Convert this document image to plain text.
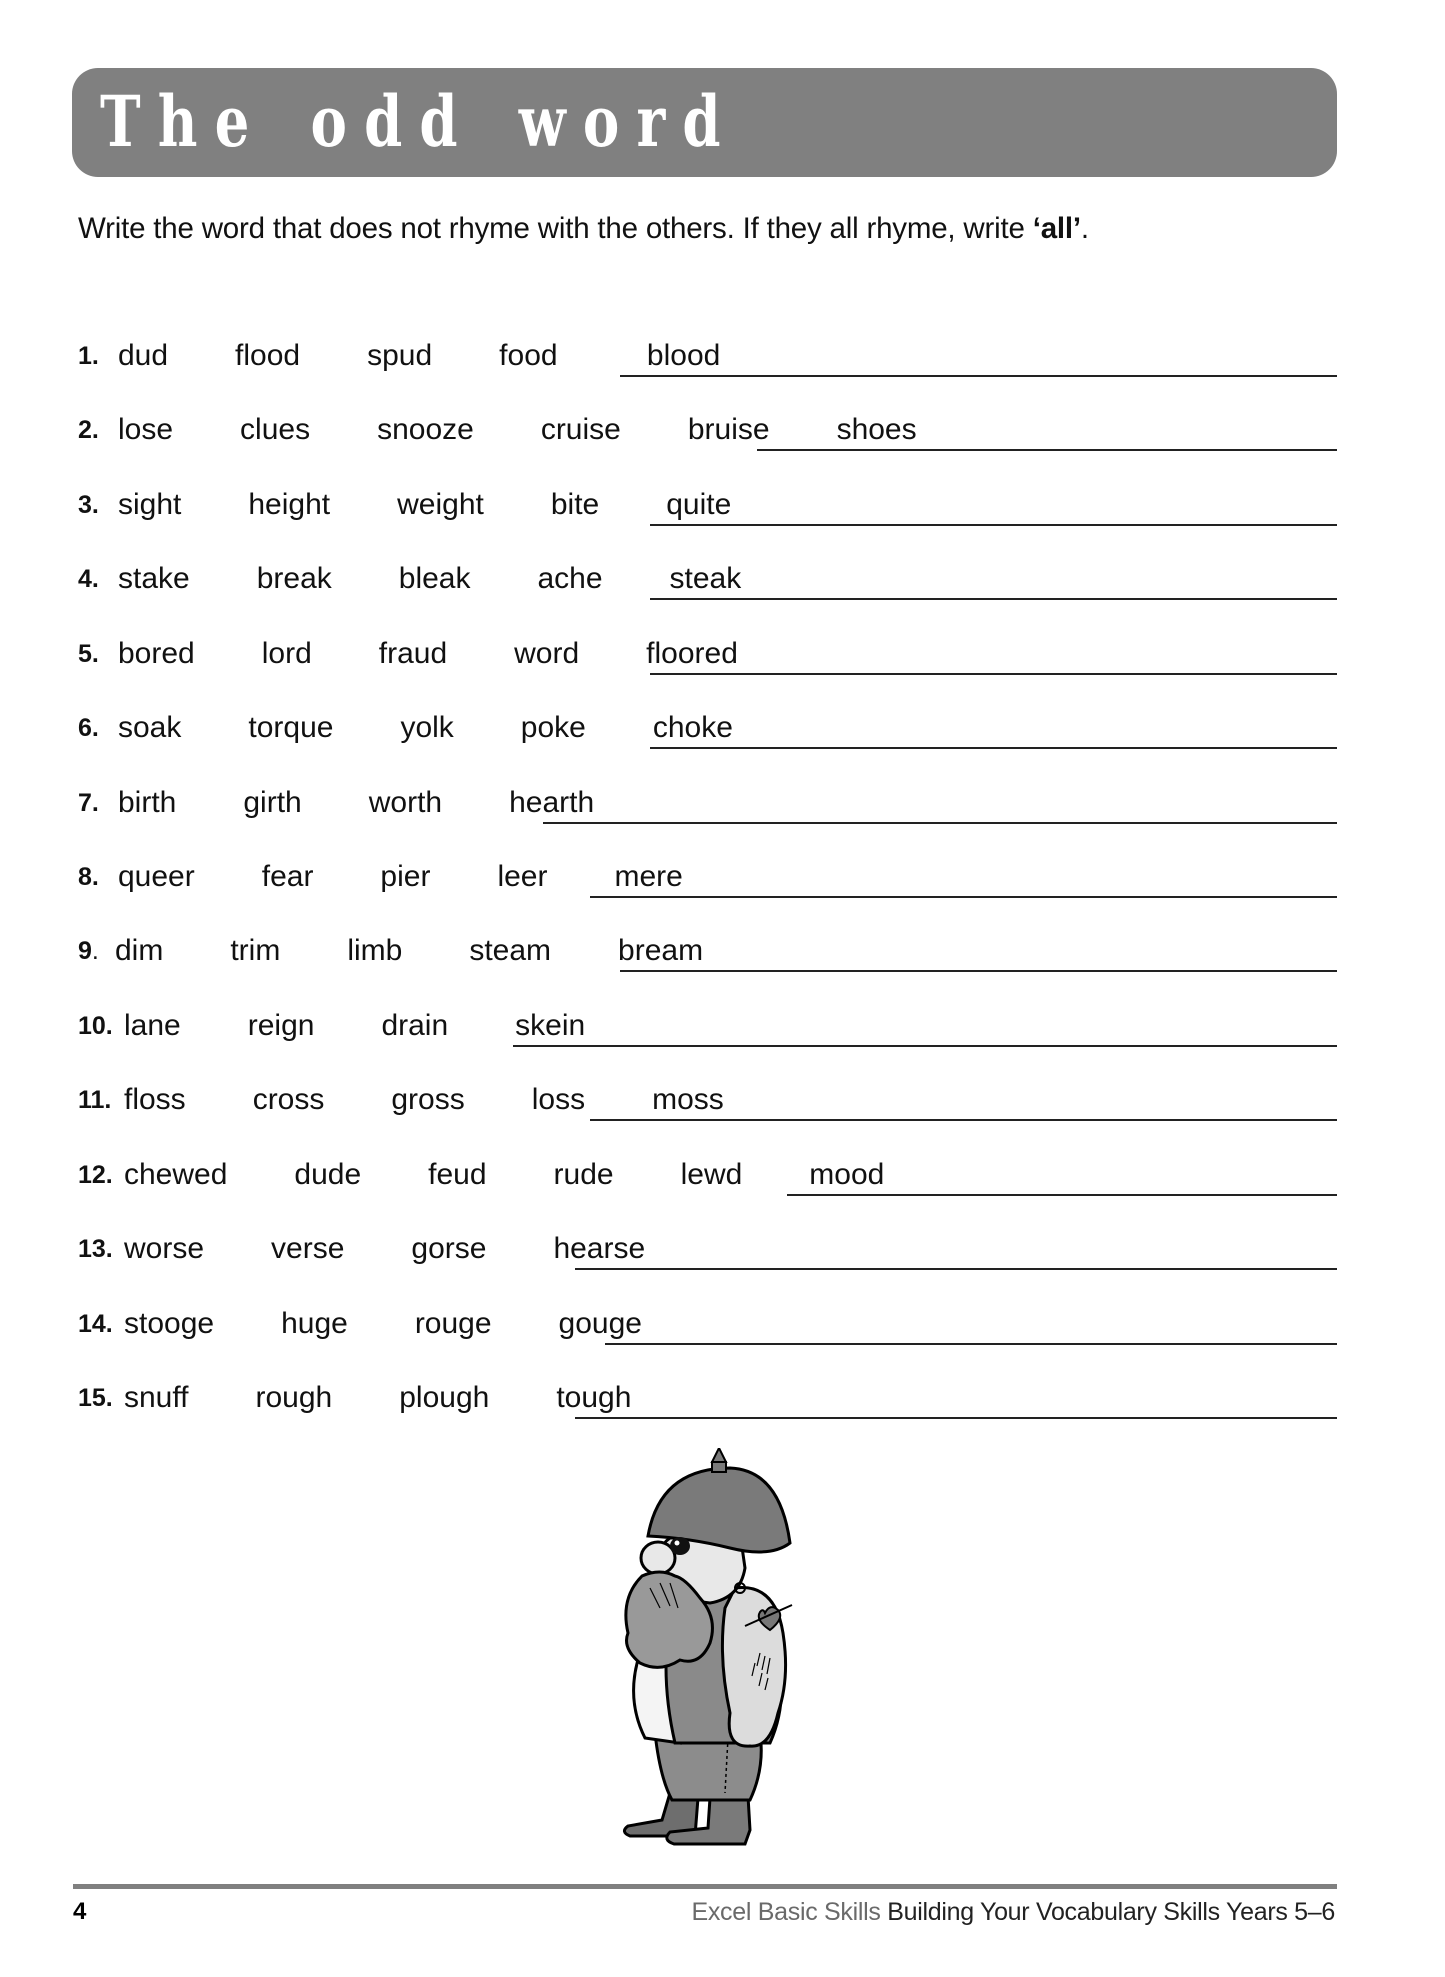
The odd word
Write the word that does not rhyme with the others. If they all rhyme, write ‘all’.
1. dud   flood   spud   food    blood
2. lose   clues   snooze   cruise   bruise   shoes
3. sight   height   weight   bite   quite
4. stake   break   bleak   ache   steak
5. bored   lord   fraud   word   floored
6. soak   torque   yolk   poke   choke
7. birth   girth   worth   hearth
8. queer   fear   pier   leer   mere
9. dim   trim   limb   steam   bream
10. lane   reign   drain   skein
11. floss   cross   gross   loss   moss
12. chewed   dude   feud   rude   lewd   mood
13. worse   verse   gorse   hearse
14. stooge   huge   rouge   gouge
15. snuff   rough   plough   tough
4	Excel Basic Skills Building Your Vocabulary Skills Years 5–6
